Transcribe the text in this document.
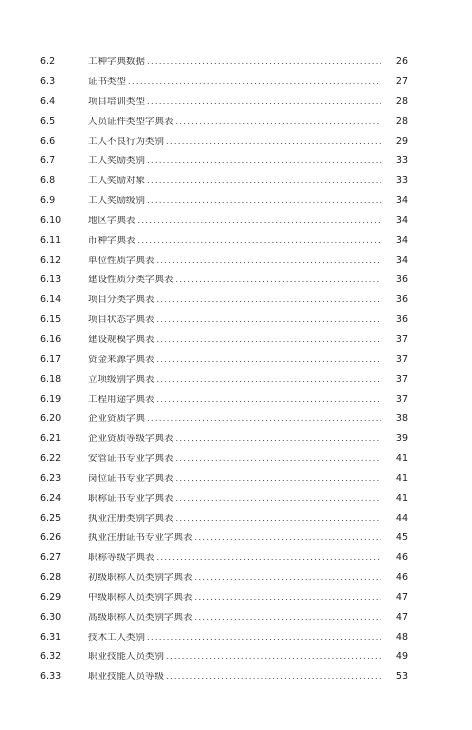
6.2	工种字典数据 .....	26
6.3	证书类型 .....	27
6.4	项目培训类型 .....	28
6.5	人员证件类型字典表 .....	28
6.6	工人不良行为类别 .....	29
6.7	工人奖励类别 .....	33
6.8	工人奖励对象 .....	33
6.9	工人奖励级别 .....	34
6.10	地区字典表 .....	34
6.11	币种字典表 .....	34
6.12	单位性质字典表 .....	34
6.13	建设性质分类字典表 .....	36
6.14	项目分类字典表 .....	36
6.15	项目状态字典表 .....	36
6.16	建设规模字典表 .....	37
6.17	资金来源字典表 .....	37
6.18	立项级别字典表 .....	37
6.19	工程用途字典表 .....	37
6.20	企业资质字典 .....	38
6.21	企业资质等级字典表 .....	39
6.22	安管证书专业字典表 .....	41
6.23	岗位证书专业字典表 .....	41
6.24	职称证书专业字典表 .....	41
6.25	执业注册类别字典表 .....	44
6.26	执业注册证书专业字典表 .....	45
6.27	职称等级字典表 .....	46
6.28	初级职称人员类别字典表 .....	46
6.29	中级职称人员类别字典表 .....	47
6.30	高级职称人员类别字典表 .....	47
6.31	技术工人类别 .....	48
6.32	职业技能人员类别 .....	49
6.33	职业技能人员等级 .....	53
